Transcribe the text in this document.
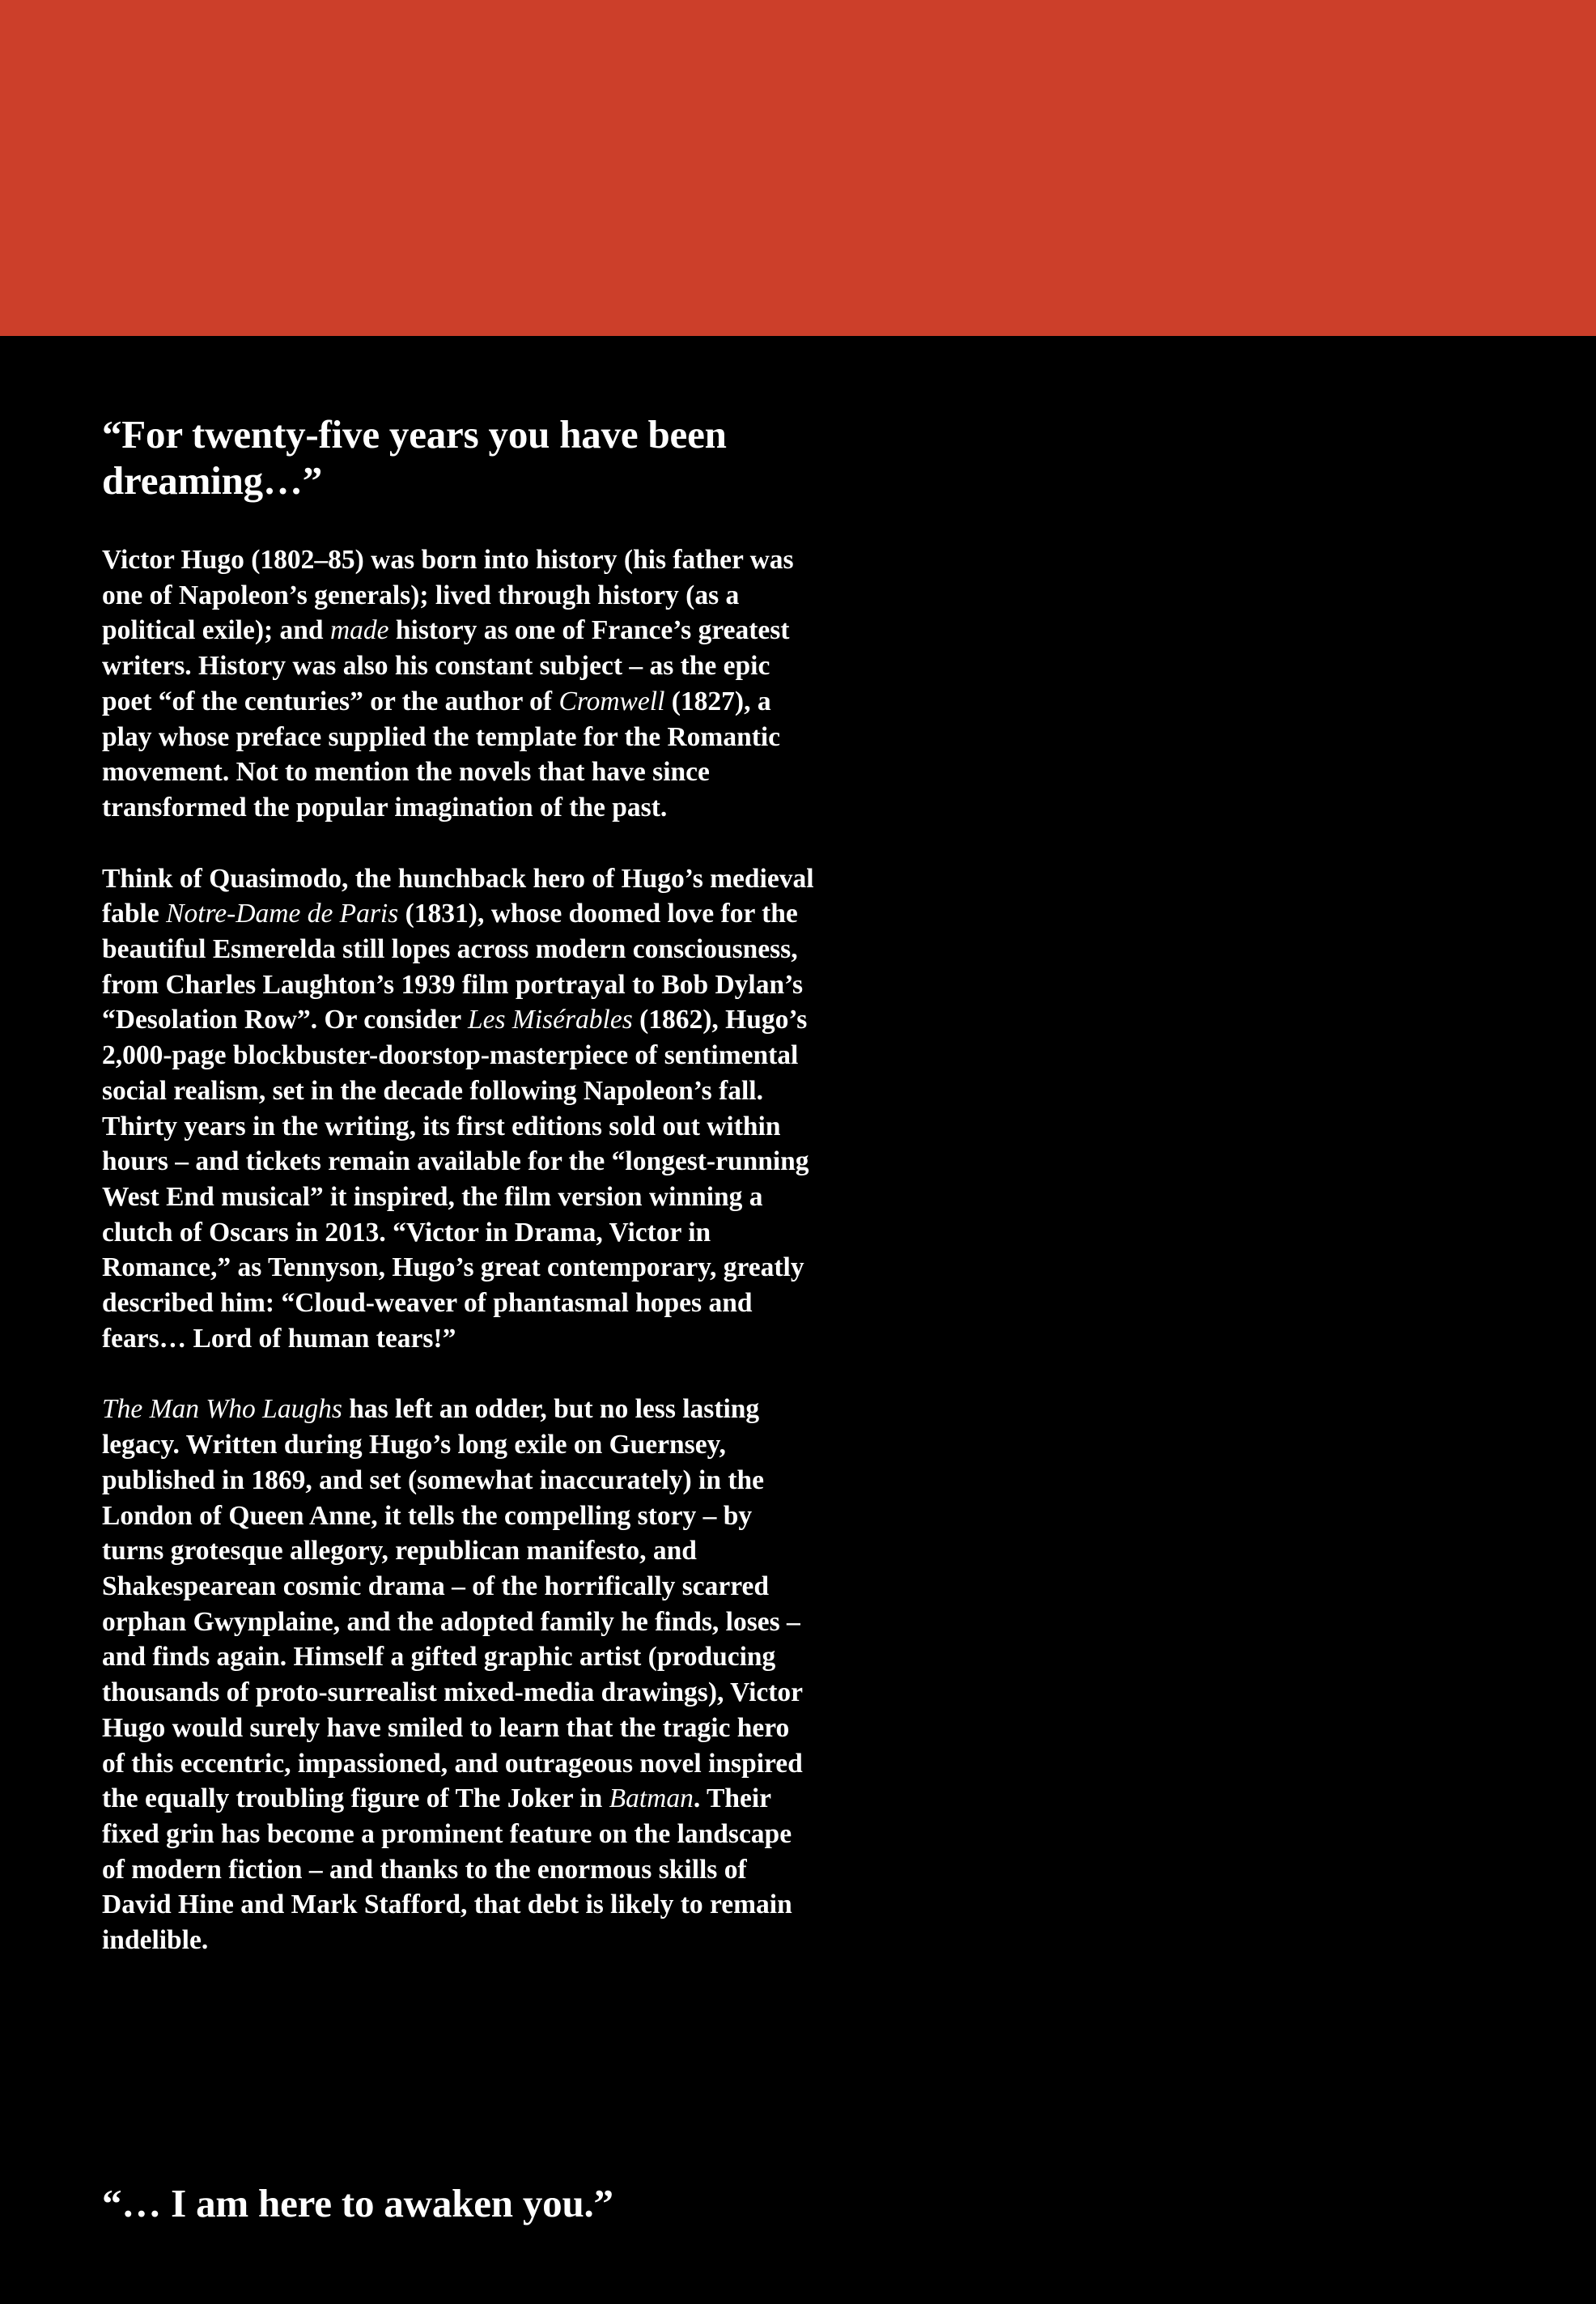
“For twenty-five years you have been dreaming…”

Victor Hugo (1802–85) was born into history (his father was one of Napoleon’s generals); lived through history (as a political exile); and made history as one of France’s greatest writers. History was also his constant subject – as the epic poet “of the centuries” or the author of Cromwell (1827), a play whose preface supplied the template for the Romantic movement. Not to mention the novels that have since transformed the popular imagination of the past.

Think of Quasimodo, the hunchback hero of Hugo’s medieval fable Notre-Dame de Paris (1831), whose doomed love for the beautiful Esmerelda still lopes across modern consciousness, from Charles Laughton’s 1939 film portrayal to Bob Dylan’s “Desolation Row”. Or consider Les Misérables (1862), Hugo’s 2,000-page blockbuster-doorstop-masterpiece of sentimental social realism, set in the decade following Napoleon’s fall. Thirty years in the writing, its first editions sold out within hours – and tickets remain available for the “longest-running West End musical” it inspired, the film version winning a clutch of Oscars in 2013. “Victor in Drama, Victor in Romance,” as Tennyson, Hugo’s great contemporary, greatly described him: “Cloud-weaver of phantasmal hopes and fears… Lord of human tears!”

The Man Who Laughs has left an odder, but no less lasting legacy. Written during Hugo’s long exile on Guernsey, published in 1869, and set (somewhat inaccurately) in the London of Queen Anne, it tells the compelling story – by turns grotesque allegory, republican manifesto, and Shakespearean cosmic drama – of the horrifically scarred orphan Gwynplaine, and the adopted family he finds, loses – and finds again. Himself a gifted graphic artist (producing thousands of proto-surrealist mixed-media drawings), Victor Hugo would surely have smiled to learn that the tragic hero of this eccentric, impassioned, and outrageous novel inspired the equally troubling figure of The Joker in Batman. Their fixed grin has become a prominent feature on the landscape of modern fiction – and thanks to the enormous skills of David Hine and Mark Stafford, that debt is likely to remain indelible.

“… I am here to awaken you.”
